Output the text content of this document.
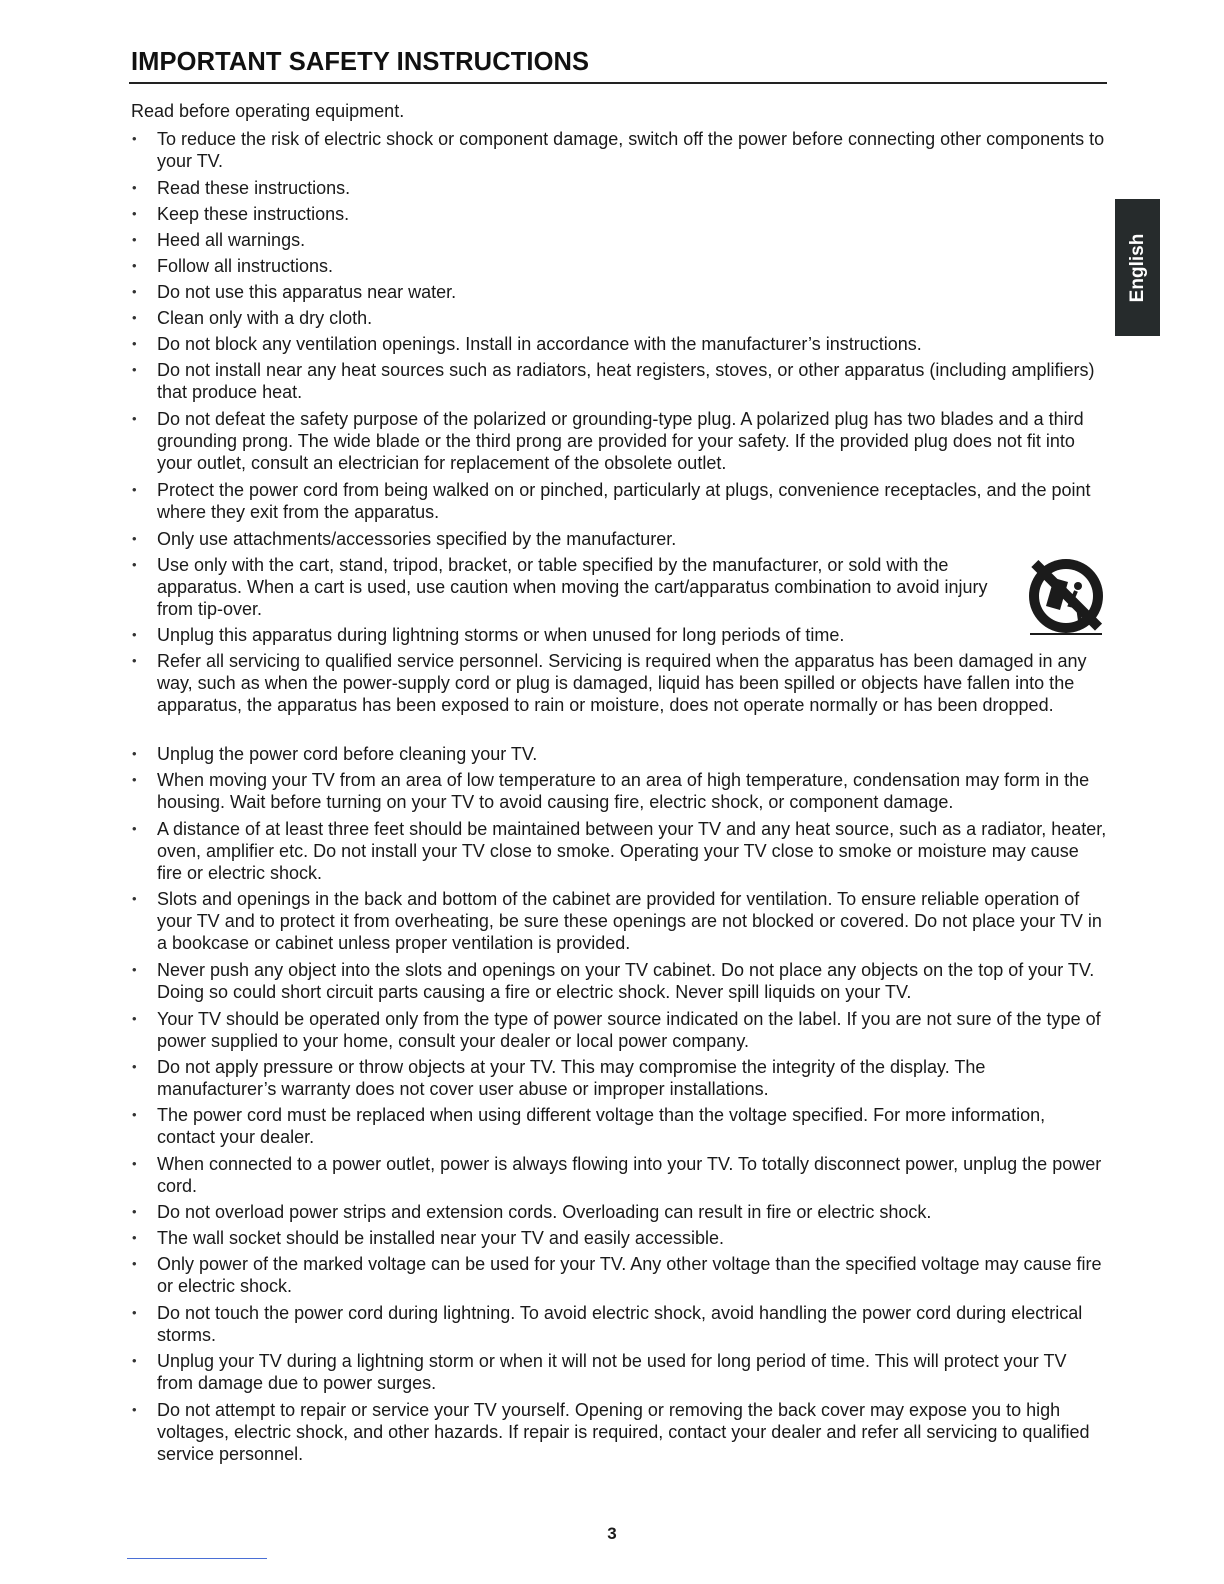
IMPORTANT SAFETY INSTRUCTIONS

Read before operating equipment.

English
• To reduce the risk of electric shock or component damage, switch off the power before connecting other components to your TV.
• Read these instructions.
• Keep these instructions.
• Heed all warnings.
• Follow all instructions.
• Do not use this apparatus near water.
• Clean only with a dry cloth.
• Do not block any ventilation openings. Install in accordance with the manufacturer’s instructions.
• Do not install near any heat sources such as radiators, heat registers, stoves, or other apparatus (including amplifiers) that produce heat.
• Do not defeat the safety purpose of the polarized or grounding-type plug. A polarized plug has two blades and a third grounding prong. The wide blade or the third prong are provided for your safety. If the provided plug does not fit into your outlet, consult an electrician for replacement of the obsolete outlet.
• Protect the power cord from being walked on or pinched, particularly at plugs, convenience receptacles, and the point where they exit from the apparatus.
• Only use attachments/accessories specified by the manufacturer.
• Use only with the cart, stand, tripod, bracket, or table specified by the manufacturer, or sold with the apparatus. When a cart is used, use caution when moving the cart/apparatus combination to avoid injury from tip-over.
• Unplug this apparatus during lightning storms or when unused for long periods of time.
• Refer all servicing to qualified service personnel. Servicing is required when the apparatus has been damaged in any way, such as when the power-supply cord or plug is damaged, liquid has been spilled or objects have fallen into the apparatus, the apparatus has been exposed to rain or moisture, does not operate normally or has been dropped.
• Unplug the power cord before cleaning your TV.
• When moving your TV from an area of low temperature to an area of high temperature, condensation may form in the housing. Wait before turning on your TV to avoid causing fire, electric shock, or component damage.
• A distance of at least three feet should be maintained between your TV and any heat source, such as a radiator, heater, oven, amplifier etc. Do not install your TV close to smoke. Operating your TV close to smoke or moisture may cause fire or electric shock.
• Slots and openings in the back and bottom of the cabinet are provided for ventilation. To ensure reliable operation of your TV and to protect it from overheating, be sure these openings are not blocked or covered. Do not place your TV in a bookcase or cabinet unless proper ventilation is provided.
• Never push any object into the slots and openings on your TV cabinet. Do not place any objects on the top of your TV. Doing so could short circuit parts causing a fire or electric shock. Never spill liquids on your TV.
• Your TV should be operated only from the type of power source indicated on the label. If you are not sure of the type of power supplied to your home, consult your dealer or local power company.
• Do not apply pressure or throw objects at your TV. This may compromise the integrity of the display. The manufacturer’s warranty does not cover user abuse or improper installations.
• The power cord must be replaced when using different voltage than the voltage specified. For more information, contact your dealer.
• When connected to a power outlet, power is always flowing into your TV. To totally disconnect power, unplug the power cord.
• Do not overload power strips and extension cords. Overloading can result in fire or electric shock.
• The wall socket should be installed near your TV and easily accessible.
• Only power of the marked voltage can be used for your TV. Any other voltage than the specified voltage may cause fire or electric shock.
• Do not touch the power cord during lightning. To avoid electric shock, avoid handling the power cord during electrical storms.
• Unplug your TV during a lightning storm or when it will not be used for long period of time. This will protect your TV from damage due to power surges.
• Do not attempt to repair or service your TV yourself. Opening or removing the back cover may expose you to high voltages, electric shock, and other hazards. If repair is required, contact your dealer and refer all servicing to qualified service personnel.
3
